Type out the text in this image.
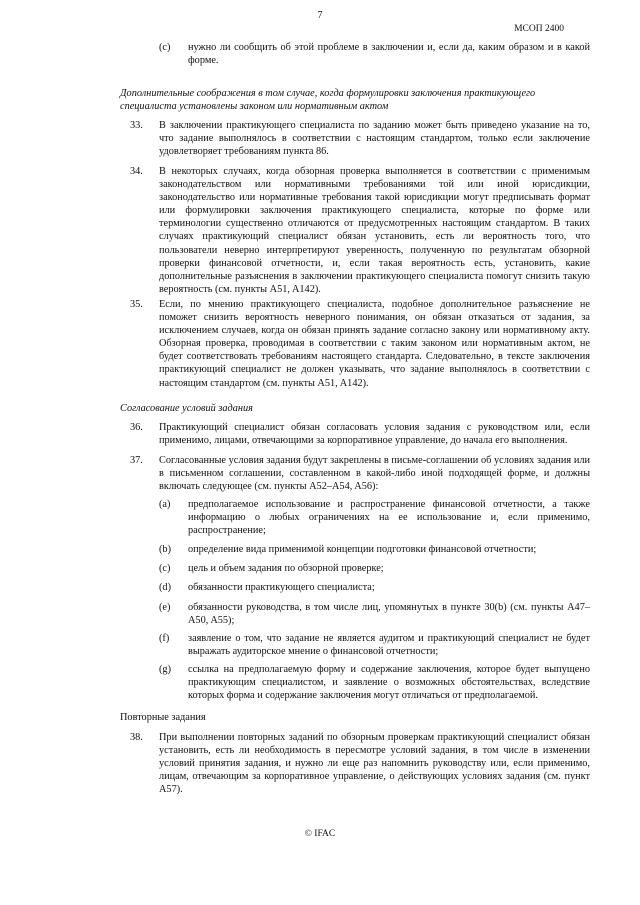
7
МСОП 2400
(c) нужно ли сообщить об этой проблеме в заключении и, если да, каким образом и в какой форме.
Дополнительные соображения в том случае, когда формулировки заключения практикующего специалиста установлены законом или нормативным актом
33. В заключении практикующего специалиста по заданию может быть приведено указание на то, что задание выполнялось в соответствии с настоящим стандартом, только если заключение удовлетворяет требованиям пункта 86.
34. В некоторых случаях, когда обзорная проверка выполняется в соответствии с применимым законодательством или нормативными требованиями той или иной юрисдикции, законодательство или нормативные требования такой юрисдикции могут предписывать формат или формулировки заключения практикующего специалиста, которые по форме или терминологии существенно отличаются от предусмотренных настоящим стандартом. В таких случаях практикующий специалист обязан установить, есть ли вероятность того, что пользователи неверно интерпретируют уверенность, полученную по результатам обзорной проверки финансовой отчетности, и, если такая вероятность есть, установить, какие дополнительные разъяснения в заключении практикующего специалиста помогут снизить такую вероятность (см. пункты A51, A142).
35. Если, по мнению практикующего специалиста, подобное дополнительное разъяснение не поможет снизить вероятность неверного понимания, он обязан отказаться от задания, за исключением случаев, когда он обязан принять задание согласно закону или нормативному акту. Обзорная проверка, проводимая в соответствии с таким законом или нормативным актом, не будет соответствовать требованиям настоящего стандарта. Следовательно, в тексте заключения практикующий специалист не должен указывать, что задание выполнялось в соответствии с настоящим стандартом (см. пункты A51, A142).
Согласование условий задания
36. Практикующий специалист обязан согласовать условия задания с руководством или, если применимо, лицами, отвечающими за корпоративное управление, до начала его выполнения.
37. Согласованные условия задания будут закреплены в письме-соглашении об условиях задания или в письменном соглашении, составленном в какой-либо иной подходящей форме, и должны включать следующее (см. пункты A52–A54, A56):
(a) предполагаемое использование и распространение финансовой отчетности, а также информацию о любых ограничениях на ее использование и, если применимо, распространение;
(b) определение вида применимой концепции подготовки финансовой отчетности;
(c) цель и объем задания по обзорной проверке;
(d) обязанности практикующего специалиста;
(e) обязанности руководства, в том числе лиц, упомянутых в пункте 30(b) (см. пункты A47–A50, A55);
(f) заявление о том, что задание не является аудитом и практикующий специалист не будет выражать аудиторское мнение о финансовой отчетности;
(g) ссылка на предполагаемую форму и содержание заключения, которое будет выпущено практикующим специалистом, и заявление о возможных обстоятельствах, вследствие которых форма и содержание заключения могут отличаться от предполагаемой.
Повторные задания
38. При выполнении повторных заданий по обзорным проверкам практикующий специалист обязан установить, есть ли необходимость в пересмотре условий задания, в том числе в изменении условий принятия задания, и нужно ли еще раз напомнить руководству или, если применимо, лицам, отвечающим за корпоративное управление, о действующих условиях задания (см. пункт A57).
© IFAC
